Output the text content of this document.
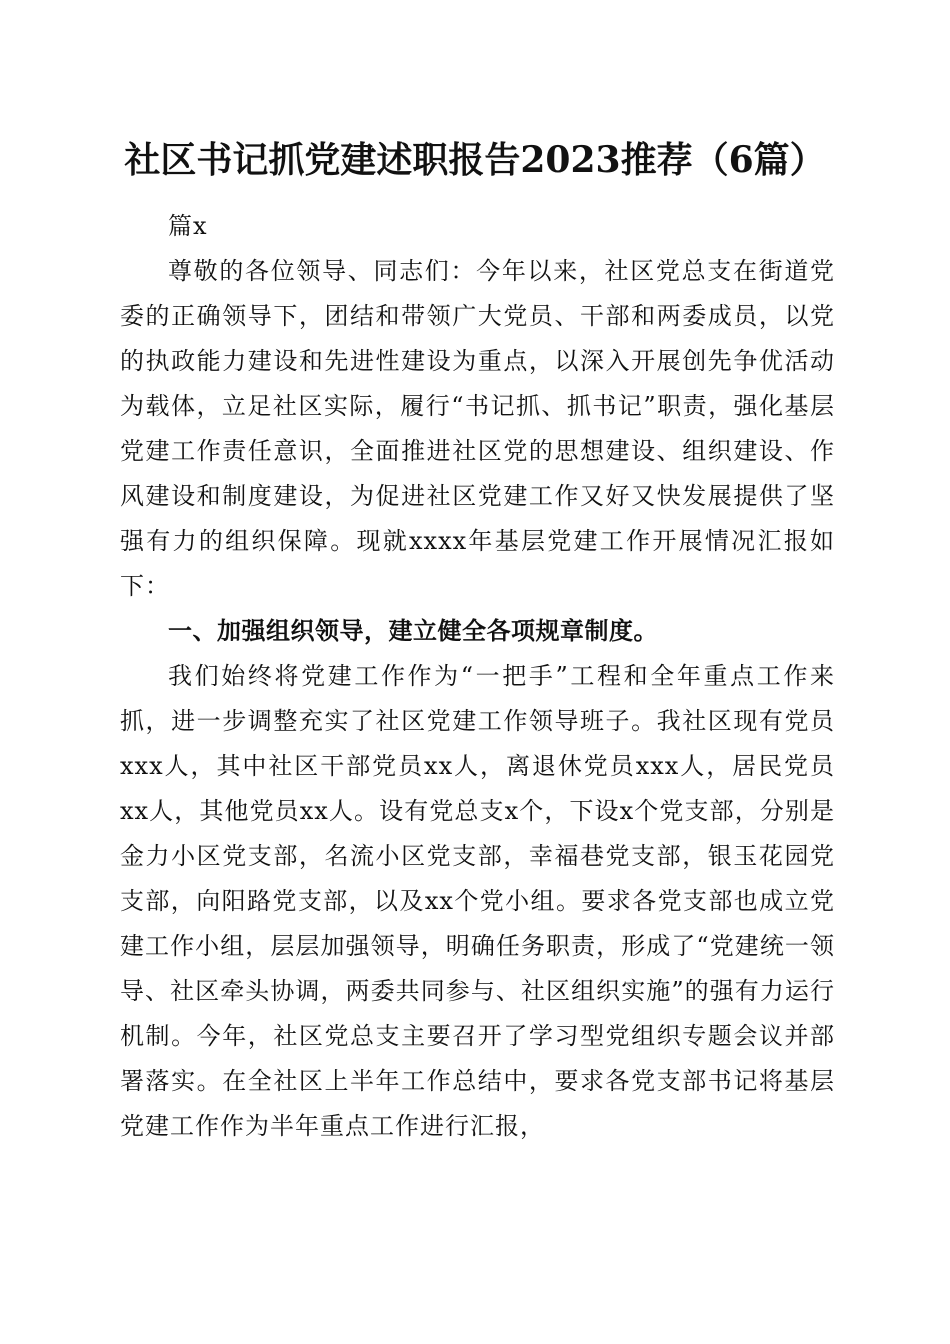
社区书记抓党建述职报告2023推荐（6篇）

篇x

尊敬的各位领导、同志们：今年以来，社区党总支在街道党委的正确领导下，团结和带领广大党员、干部和两委成员，以党的执政能力建设和先进性建设为重点，以深入开展创先争优活动为载体，立足社区实际，履行“书记抓、抓书记”职责，强化基层党建工作责任意识，全面推进社区党的思想建设、组织建设、作风建设和制度建设，为促进社区党建工作又好又快发展提供了坚强有力的组织保障。现就xxxx年基层党建工作开展情况汇报如下：

一、加强组织领导，建立健全各项规章制度。

我们始终将党建工作作为“一把手”工程和全年重点工作来抓，进一步调整充实了社区党建工作领导班子。我社区现有党员xxx人，其中社区干部党员xx人，离退休党员xxx人，居民党员xx人，其他党员xx人。设有党总支x个，下设x个党支部，分别是金力小区党支部，名流小区党支部，幸福巷党支部，银玉花园党支部，向阳路党支部，以及xx个党小组。要求各党支部也成立党建工作小组，层层加强领导，明确任务职责，形成了“党建统一领导、社区牵头协调，两委共同参与、社区组织实施”的强有力运行机制。今年，社区党总支主要召开了学习型党组织专题会议并部署落实。在全社区上半年工作总结中，要求各党支部书记将基层党建工作作为半年重点工作进行汇报，
